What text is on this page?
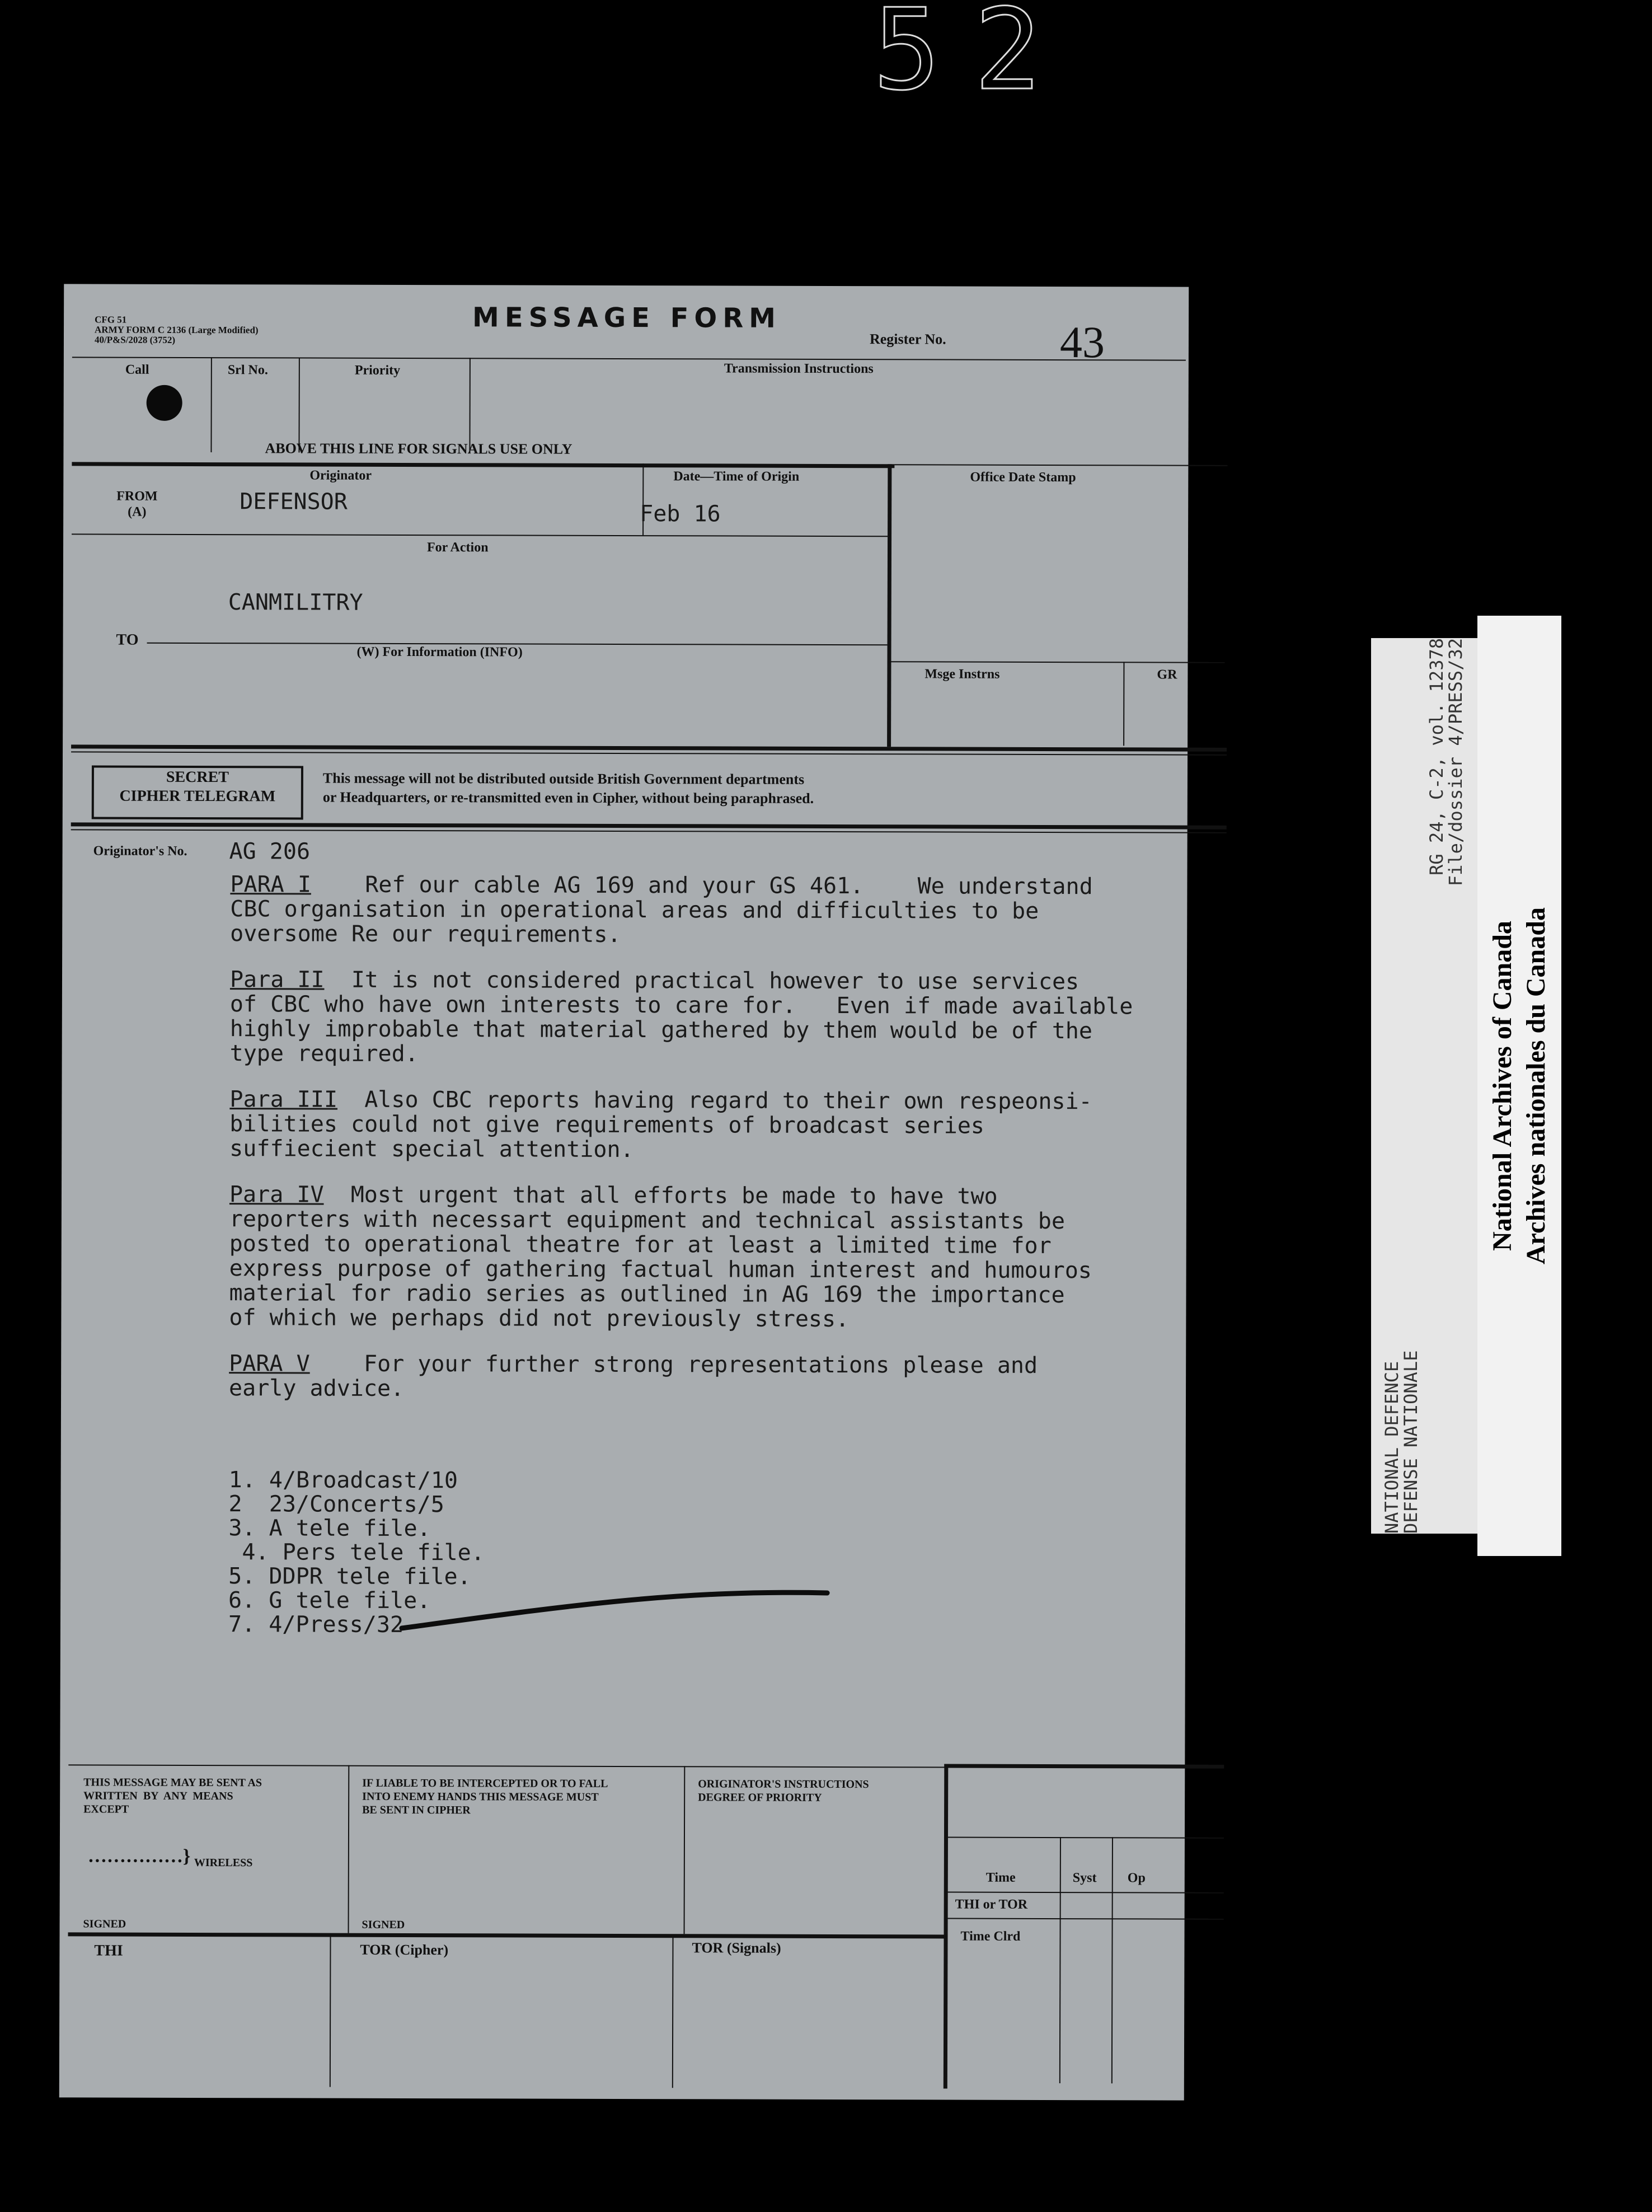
52
CFG 51
ARMY FORM C 2136 (Large Modified)
40/P&S/2028 (3752)
MESSAGE FORM
Register No.	43
Call	Srl No.	Priority	Transmission Instructions
ABOVE THIS LINE FOR SIGNALS USE ONLY
Originator	Date—Time of Origin	Office Date Stamp
FROM
(A)	DEFENSOR	Feb 16
For Action
CANMILITRY
TO
(W) For Information (INFO)
Msge Instrns	GR
SECRET
CIPHER TELEGRAM
This message will not be distributed outside British Government departments
or Headquarters, or re-transmitted even in Cipher, without being paraphrased.
Originator's No. AG 206
PARA I    Ref our cable AG 169 and your GS 461.    We understand
CBC organisation in operational areas and difficulties to be
oversome Re our requirements.
Para II  It is not considered practical however to use services
of CBC who have own interests to care for.   Even if made available
highly improbable that material gathered by them would be of the
type required.
Para III  Also CBC reports having regard to their own respeonsi-
bilities could not give requirements of broadcast series
suffiecient special attention.
Para IV  Most urgent that all efforts be made to have two
reporters with necessart equipment and technical assistants be
posted to operational theatre for at least a limited time for
express purpose of gathering factual human interest and humouros
material for radio series as outlined in AG 169 the importance
of which we perhaps did not previously stress.
PARA V    For your further strong representations please and
early advice.
1. 4/Broadcast/10
2  23/Concerts/5
3. A tele file.
4. Pers tele file.
5. DDPR tele file.
6. G tele file.
7. 4/Press/32
THIS MESSAGE MAY BE SENT AS
WRITTEN  BY  ANY  MEANS
EXCEPT
……………} WIRELESS
SIGNED
IF LIABLE TO BE INTERCEPTED OR TO FALL
INTO ENEMY HANDS THIS MESSAGE MUST
BE SENT IN CIPHER
SIGNED
ORIGINATOR'S INSTRUCTIONS
DEGREE OF PRIORITY
Time	Syst Op
THI or TOR
Time Clrd
THI	TOR (Cipher)	TOR (Signals)
NATIONAL DEFENCE
DEFENSE NATIONALE
RG 24, C-2, vol. 12378
File/dossier 4/PRESS/32
National Archives of Canada Archives nationales du Canada
